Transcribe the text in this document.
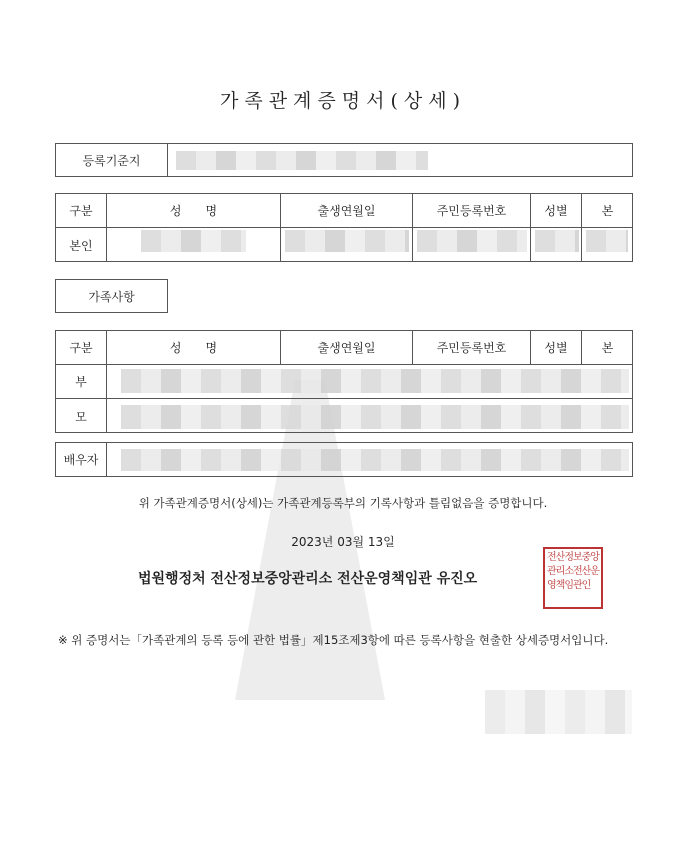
가족관계증명서(상세)
등록기준지
구분	성　　명	출생연월일	주민등록번호	성별	본
본인
가족사항
구분	성　　명	출생연월일	주민등록번호	성별	본
부
모
배우자
위 가족관계증명서(상세)는 가족관계등록부의 기록사항과 틀림없음을 증명합니다.
2023년 03월 13일
법원행정처 전산정보중앙관리소 전산운영책임관 유진오
전산정보중앙관리소전산운영책임관인
※ 위 증명서는「가족관계의 등록 등에 관한 법률」제15조제3항에 따른 등록사항을 현출한 상세증명서입니다.
